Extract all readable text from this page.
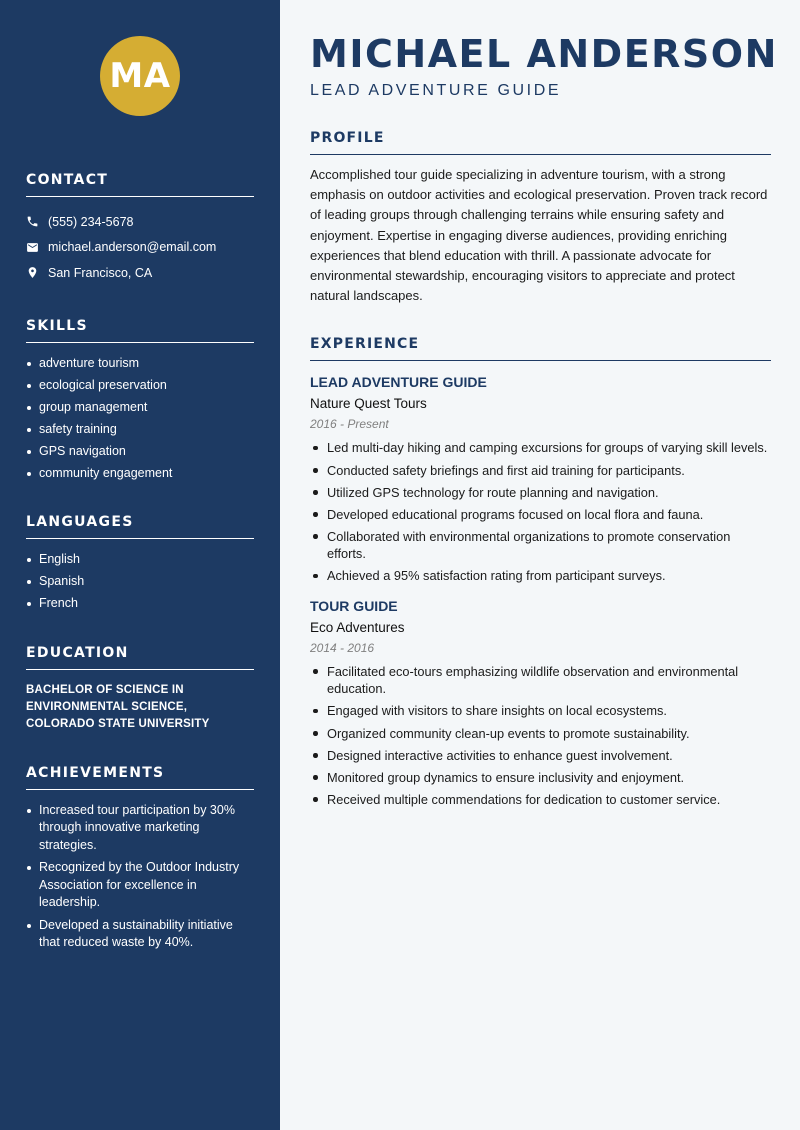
MA
CONTACT
(555) 234-5678
michael.anderson@email.com
San Francisco, CA
SKILLS
adventure tourism
ecological preservation
group management
safety training
GPS navigation
community engagement
LANGUAGES
English
Spanish
French
EDUCATION
BACHELOR OF SCIENCE IN ENVIRONMENTAL SCIENCE, COLORADO STATE UNIVERSITY
ACHIEVEMENTS
Increased tour participation by 30% through innovative marketing strategies.
Recognized by the Outdoor Industry Association for excellence in leadership.
Developed a sustainability initiative that reduced waste by 40%.
MICHAEL ANDERSON
LEAD ADVENTURE GUIDE
PROFILE

Accomplished tour guide specializing in adventure tourism, with a strong emphasis on outdoor activities and ecological preservation. Proven track record of leading groups through challenging terrains while ensuring safety and enjoyment. Expertise in engaging diverse audiences, providing enriching experiences that blend education with thrill. A passionate advocate for environmental stewardship, encouraging visitors to appreciate and protect natural landscapes.

EXPERIENCE
LEAD ADVENTURE GUIDE
Nature Quest Tours
2016 - Present
Led multi-day hiking and camping excursions for groups of varying skill levels.
Conducted safety briefings and first aid training for participants.
Utilized GPS technology for route planning and navigation.
Developed educational programs focused on local flora and fauna.
Collaborated with environmental organizations to promote conservation efforts.
Achieved a 95% satisfaction rating from participant surveys.
TOUR GUIDE
Eco Adventures
2014 - 2016
Facilitated eco-tours emphasizing wildlife observation and environmental education.
Engaged with visitors to share insights on local ecosystems.
Organized community clean-up events to promote sustainability.
Designed interactive activities to enhance guest involvement.
Monitored group dynamics to ensure inclusivity and enjoyment.
Received multiple commendations for dedication to customer service.
